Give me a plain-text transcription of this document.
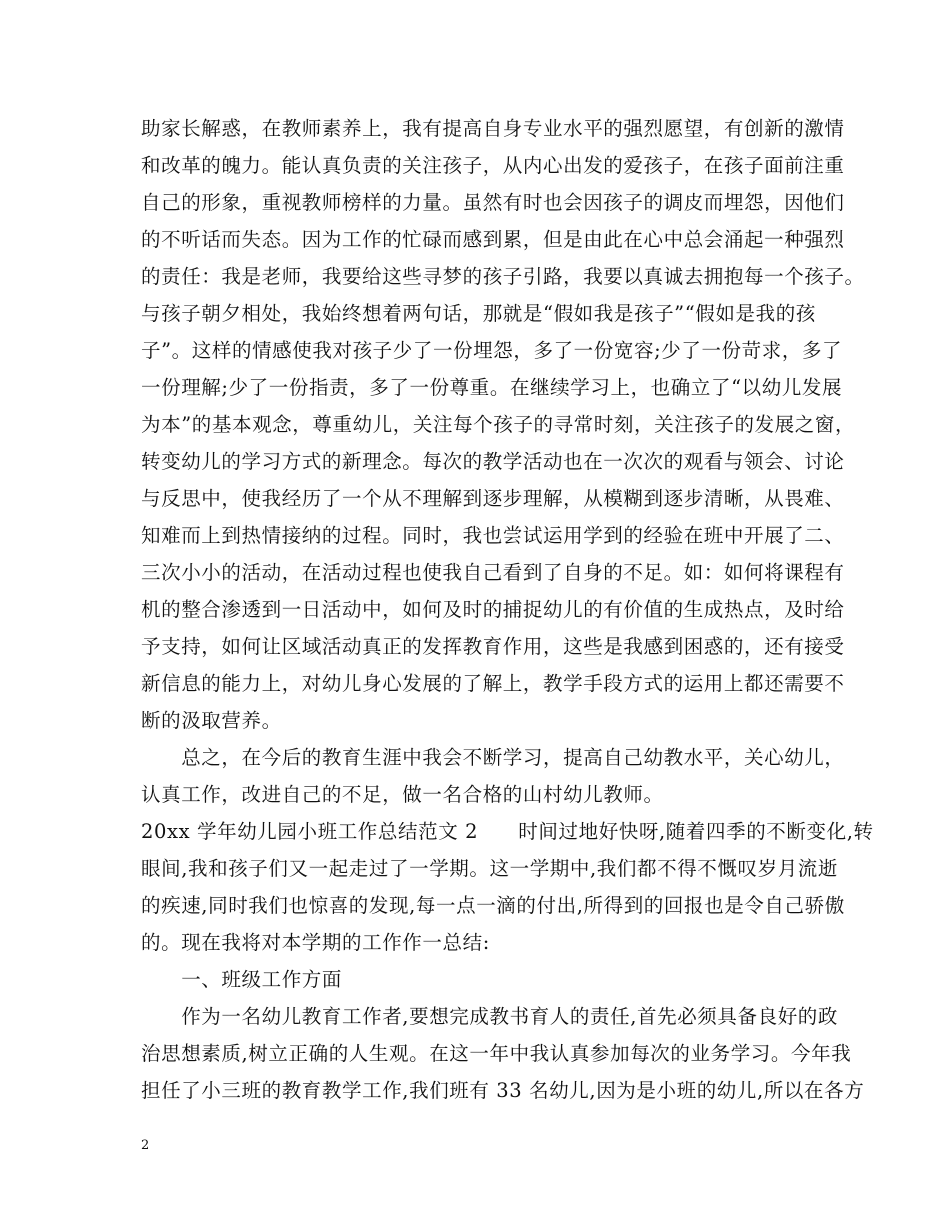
助家长解惑，在教师素养上，我有提高自身专业水平的强烈愿望，有创新的激情
和改革的魄力。能认真负责的关注孩子，从内心出发的爱孩子，在孩子面前注重
自己的形象，重视教师榜样的力量。虽然有时也会因孩子的调皮而埋怨，因他们
的不听话而失态。因为工作的忙碌而感到累，但是由此在心中总会涌起一种强烈
的责任：我是老师，我要给这些寻梦的孩子引路，我要以真诚去拥抱每一个孩子。
与孩子朝夕相处，我始终想着两句话，那就是“假如我是孩子”“假如是我的孩
子”。这样的情感使我对孩子少了一份埋怨，多了一份宽容;少了一份苛求，多了
一份理解;少了一份指责，多了一份尊重。在继续学习上，也确立了“以幼儿发展
为本”的基本观念，尊重幼儿，关注每个孩子的寻常时刻，关注孩子的发展之窗，
转变幼儿的学习方式的新理念。每次的教学活动也在一次次的观看与领会、讨论
与反思中，使我经历了一个从不理解到逐步理解，从模糊到逐步清晰，从畏难、
知难而上到热情接纳的过程。同时，我也尝试运用学到的经验在班中开展了二、
三次小小的活动，在活动过程也使我自己看到了自身的不足。如：如何将课程有
机的整合渗透到一日活动中，如何及时的捕捉幼儿的有价值的生成热点，及时给
予支持，如何让区域活动真正的发挥教育作用，这些是我感到困惑的，还有接受
新信息的能力上，对幼儿身心发展的了解上，教学手段方式的运用上都还需要不
断的汲取营养。
　　总之，在今后的教育生涯中我会不断学习，提高自己幼教水平，关心幼儿，
认真工作，改进自己的不足，做一名合格的山村幼儿教师。
20xx 学年幼儿园小班工作总结范文 2　　时间过地好快呀,随着四季的不断变化,转
眼间,我和孩子们又一起走过了一学期。这一学期中,我们都不得不慨叹岁月流逝
的疾速,同时我们也惊喜的发现,每一点一滴的付出,所得到的回报也是令自己骄傲
的。现在我将对本学期的工作作一总结:
　　一、班级工作方面
　　作为一名幼儿教育工作者,要想完成教书育人的责任,首先必须具备良好的政
治思想素质,树立正确的人生观。在这一年中我认真参加每次的业务学习。今年我
担任了小三班的教育教学工作,我们班有 33 名幼儿,因为是小班的幼儿,所以在各方
2
